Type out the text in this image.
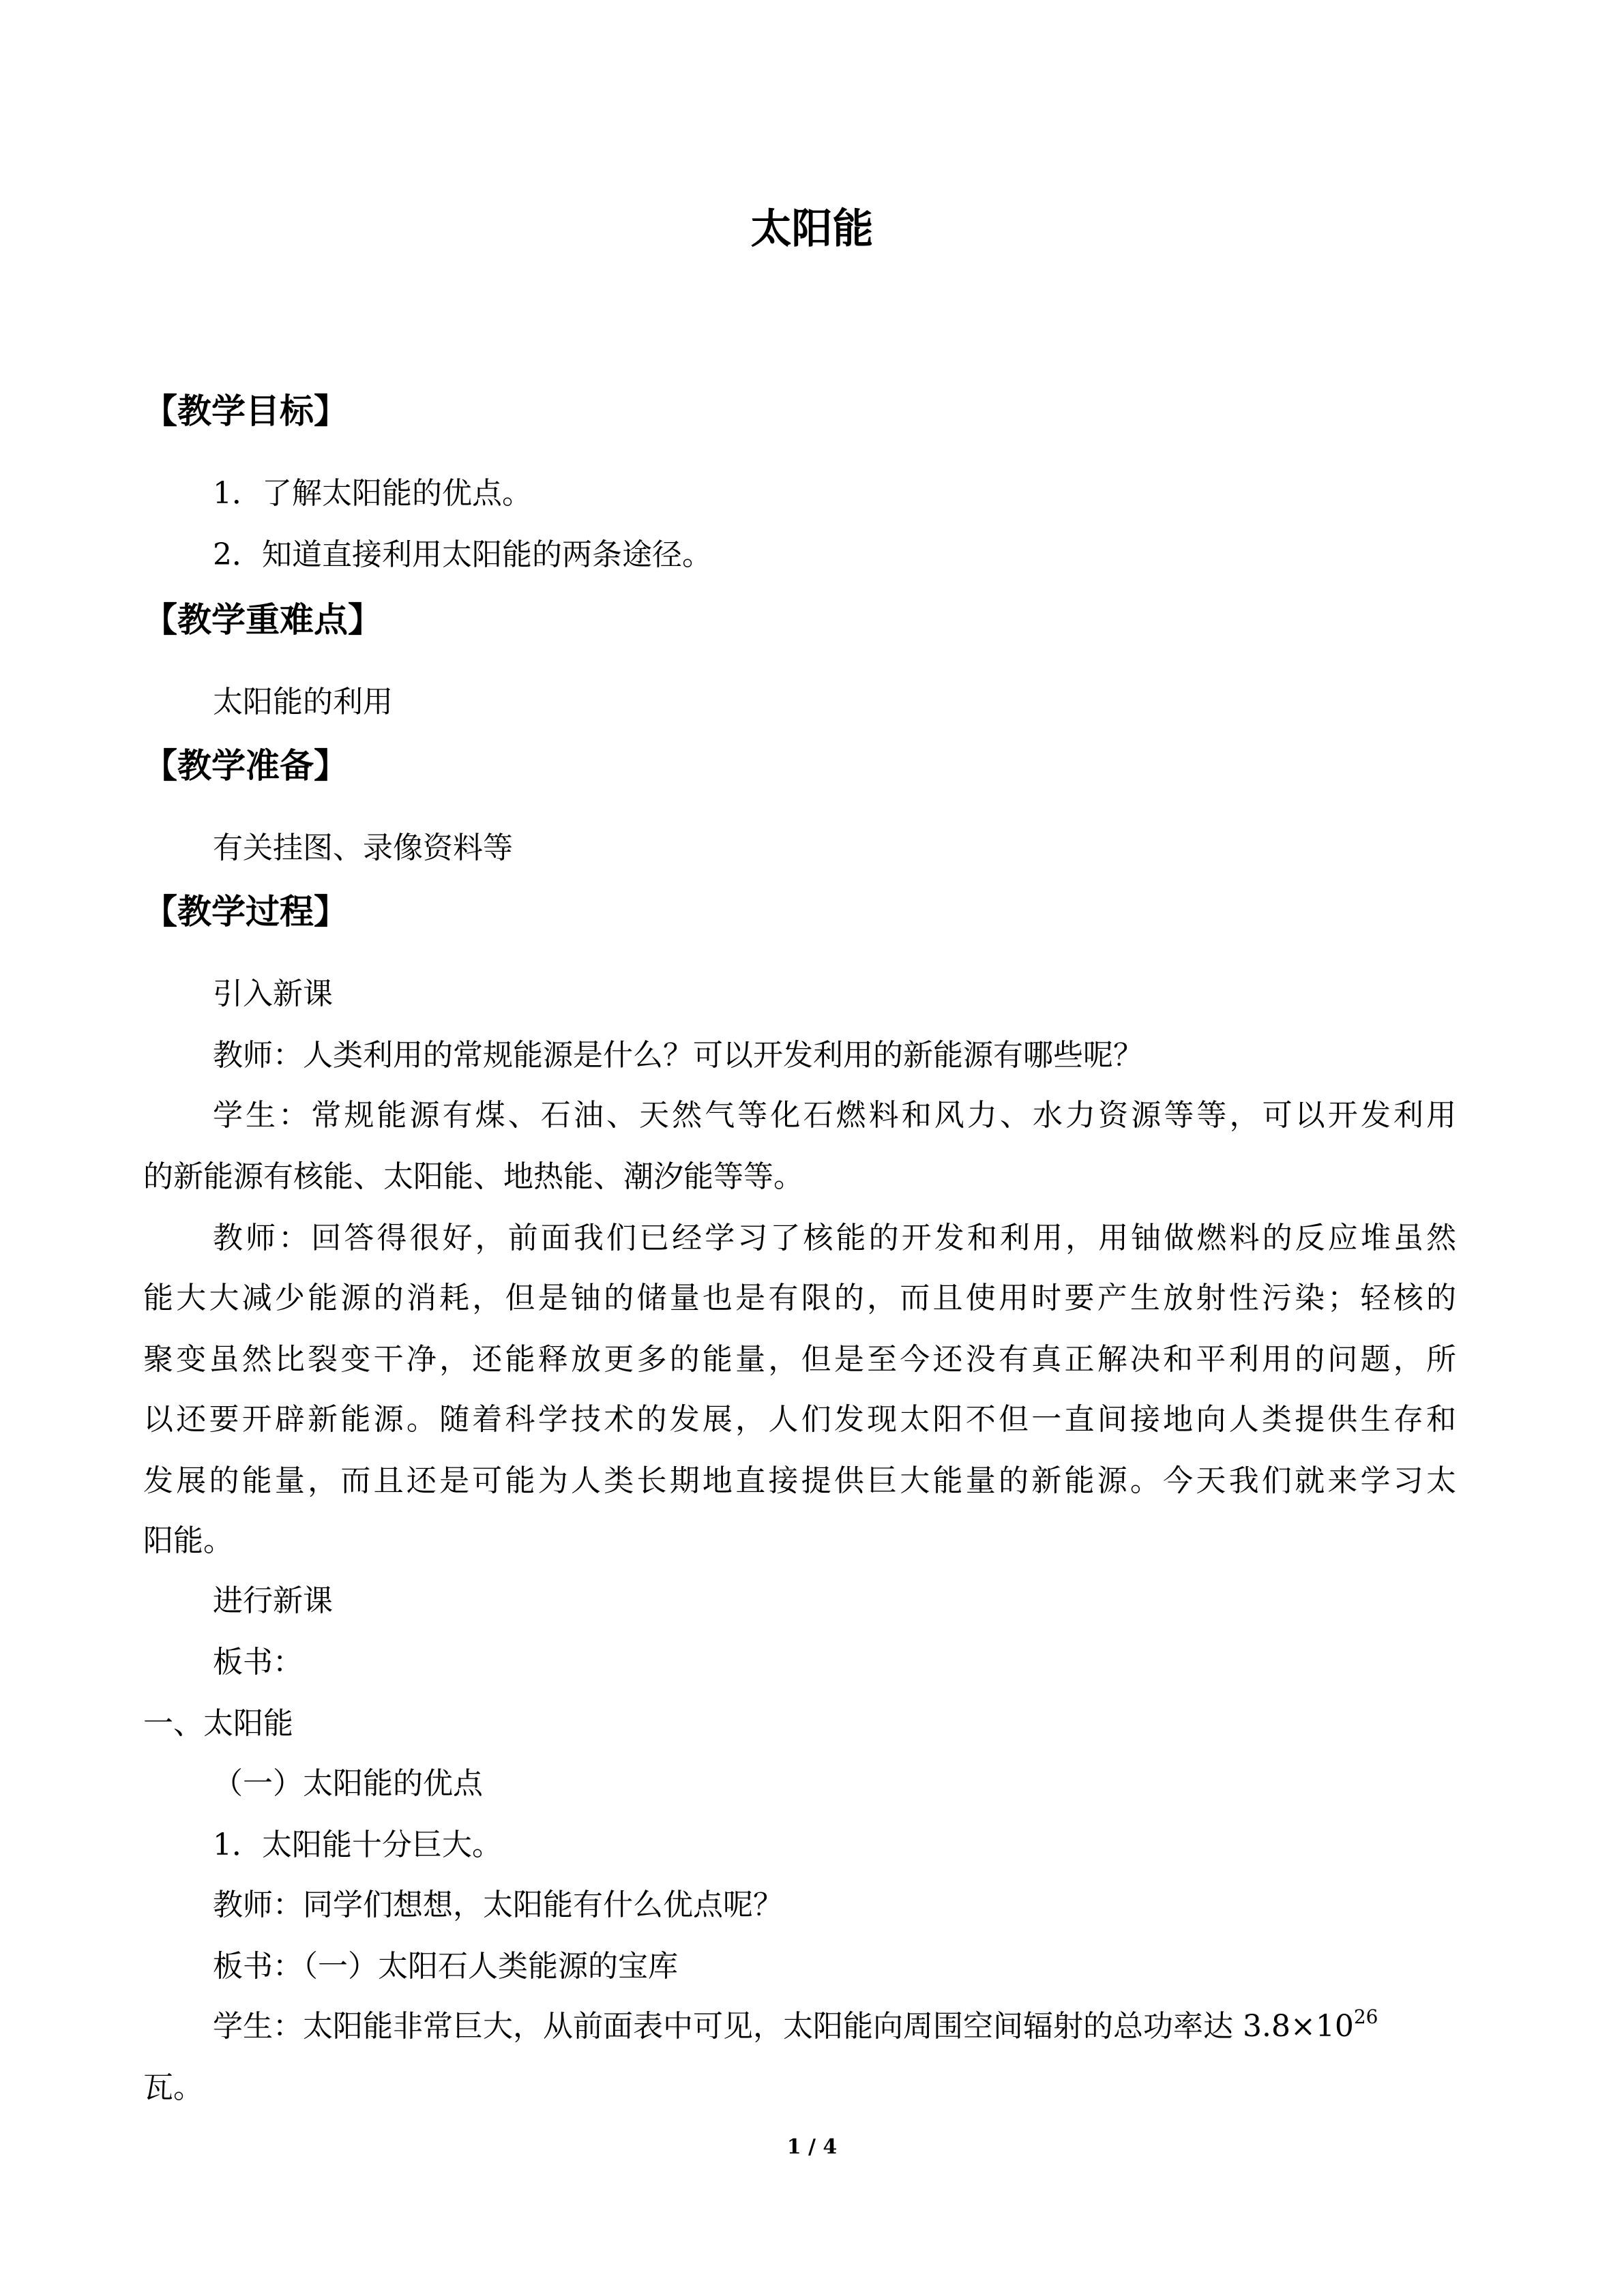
太阳能
【教学目标】
1．了解太阳能的优点。
2．知道直接利用太阳能的两条途径。
【教学重难点】
太阳能的利用
【教学准备】
有关挂图、录像资料等
【教学过程】
引入新课
教师：人类利用的常规能源是什么？可以开发利用的新能源有哪些呢？
学生：常规能源有煤、石油、天然气等化石燃料和风力、水力资源等等，可以开发利用
的新能源有核能、太阳能、地热能、潮汐能等等。
教师：回答得很好，前面我们已经学习了核能的开发和利用，用铀做燃料的反应堆虽然
能大大减少能源的消耗，但是铀的储量也是有限的，而且使用时要产生放射性污染；轻核的
聚变虽然比裂变干净，还能释放更多的能量，但是至今还没有真正解决和平利用的问题，所
以还要开辟新能源。随着科学技术的发展，人们发现太阳不但一直间接地向人类提供生存和
发展的能量，而且还是可能为人类长期地直接提供巨大能量的新能源。今天我们就来学习太
阳能。
进行新课
板书：
一、太阳能
（一）太阳能的优点
1．太阳能十分巨大。
教师：同学们想想，太阳能有什么优点呢？
板书：（一）太阳石人类能源的宝库
学生：太阳能非常巨大，从前面表中可见，太阳能向周围空间辐射的总功率达 $3.8\times 10^{26}$
瓦。
1 / 4
